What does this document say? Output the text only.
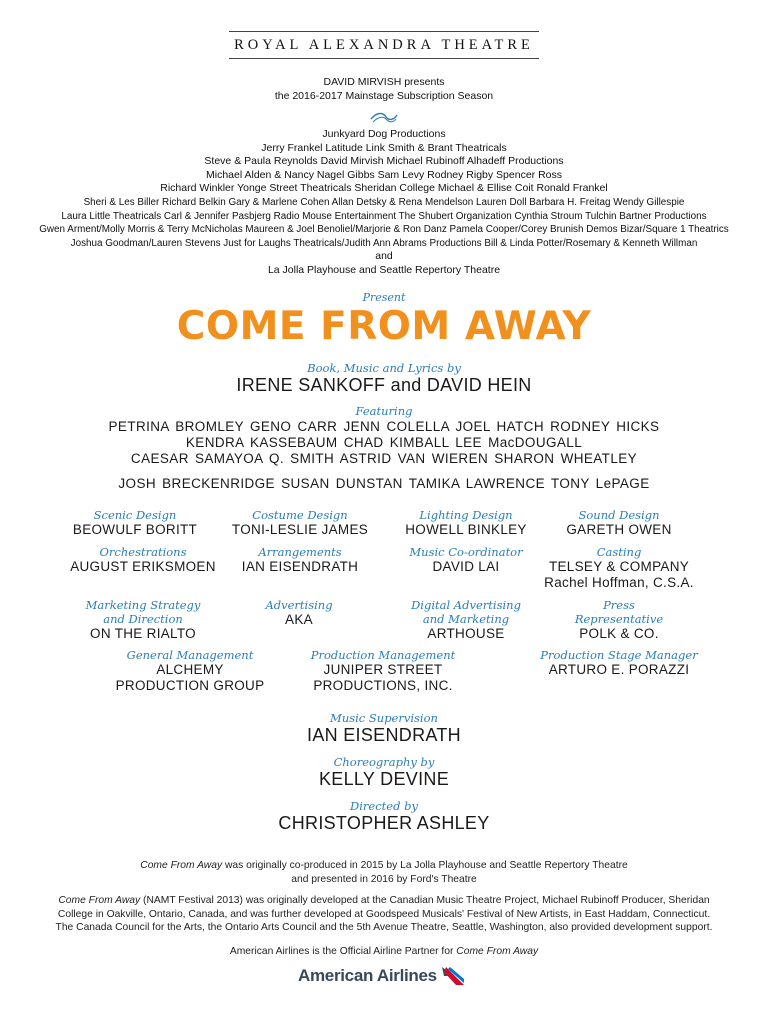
ROYAL ALEXANDRA THEATRE
DAVID MIRVISH presents
the 2016-2017 Mainstage Subscription Season
Junkyard Dog Productions
Jerry Frankel Latitude Link Smith & Brant Theatricals
Steve & Paula Reynolds David Mirvish Michael Rubinoff Alhadeff Productions
Michael Alden & Nancy Nagel Gibbs Sam Levy Rodney Rigby Spencer Ross
Richard Winkler Yonge Street Theatricals Sheridan College Michael & Ellise Coit Ronald Frankel
Sheri & Les Biller Richard Belkin Gary & Marlene Cohen Allan Detsky & Rena Mendelson Lauren Doll Barbara H. Freitag Wendy Gillespie
Laura Little Theatricals Carl & Jennifer Pasbjerg Radio Mouse Entertainment The Shubert Organization Cynthia Stroum Tulchin Bartner Productions
Gwen Arment/Molly Morris & Terry McNicholas Maureen & Joel Benoliel/Marjorie & Ron Danz Pamela Cooper/Corey Brunish Demos Bizar/Square 1 Theatrics
Joshua Goodman/Lauren Stevens Just for Laughs Theatricals/Judith Ann Abrams Productions Bill & Linda Potter/Rosemary & Kenneth Willman
and
La Jolla Playhouse and Seattle Repertory Theatre
Present
COME FROM AWAY
Book, Music and Lyrics by
IRENE SANKOFF and DAVID HEIN
Featuring
PETRINA BROMLEY GENO CARR JENN COLELLA JOEL HATCH RODNEY HICKS
KENDRA KASSEBAUM CHAD KIMBALL LEE MacDOUGALL
CAESAR SAMAYOA Q. SMITH ASTRID VAN WIEREN SHARON WHEATLEY
JOSH BRECKENRIDGE SUSAN DUNSTAN TAMIKA LAWRENCE TONY LePAGE
Scenic Design
BEOWULF BORITT
Costume Design
TONI-LESLIE JAMES
Lighting Design
HOWELL BINKLEY
Sound Design
GARETH OWEN
Orchestrations
AUGUST ERIKSMOEN
Arrangements
IAN EISENDRATH
Music Co-ordinator
DAVID LAI
Casting
TELSEY & COMPANY
Rachel Hoffman, C.S.A.
Marketing Strategy
and Direction
ON THE RIALTO
Advertising
AKA
Digital Advertising
and Marketing
ARTHOUSE
Press
Representative
POLK & CO.
General Management
ALCHEMY
PRODUCTION GROUP
Production Management
JUNIPER STREET
PRODUCTIONS, INC.
Production Stage Manager
ARTURO E. PORAZZI
Music Supervision
IAN EISENDRATH
Choreography by
KELLY DEVINE
Directed by
CHRISTOPHER ASHLEY
Come From Away was originally co-produced in 2015 by La Jolla Playhouse and Seattle Repertory Theatre
and presented in 2016 by Ford's Theatre
Come From Away (NAMT Festival 2013) was originally developed at the Canadian Music Theatre Project, Michael Rubinoff Producer, Sheridan
College in Oakville, Ontario, Canada, and was further developed at Goodspeed Musicals' Festival of New Artists, in East Haddam, Connecticut.
The Canada Council for the Arts, the Ontario Arts Council and the 5th Avenue Theatre, Seattle, Washington, also provided development support.
American Airlines is the Official Airline Partner for Come From Away
American Airlines
